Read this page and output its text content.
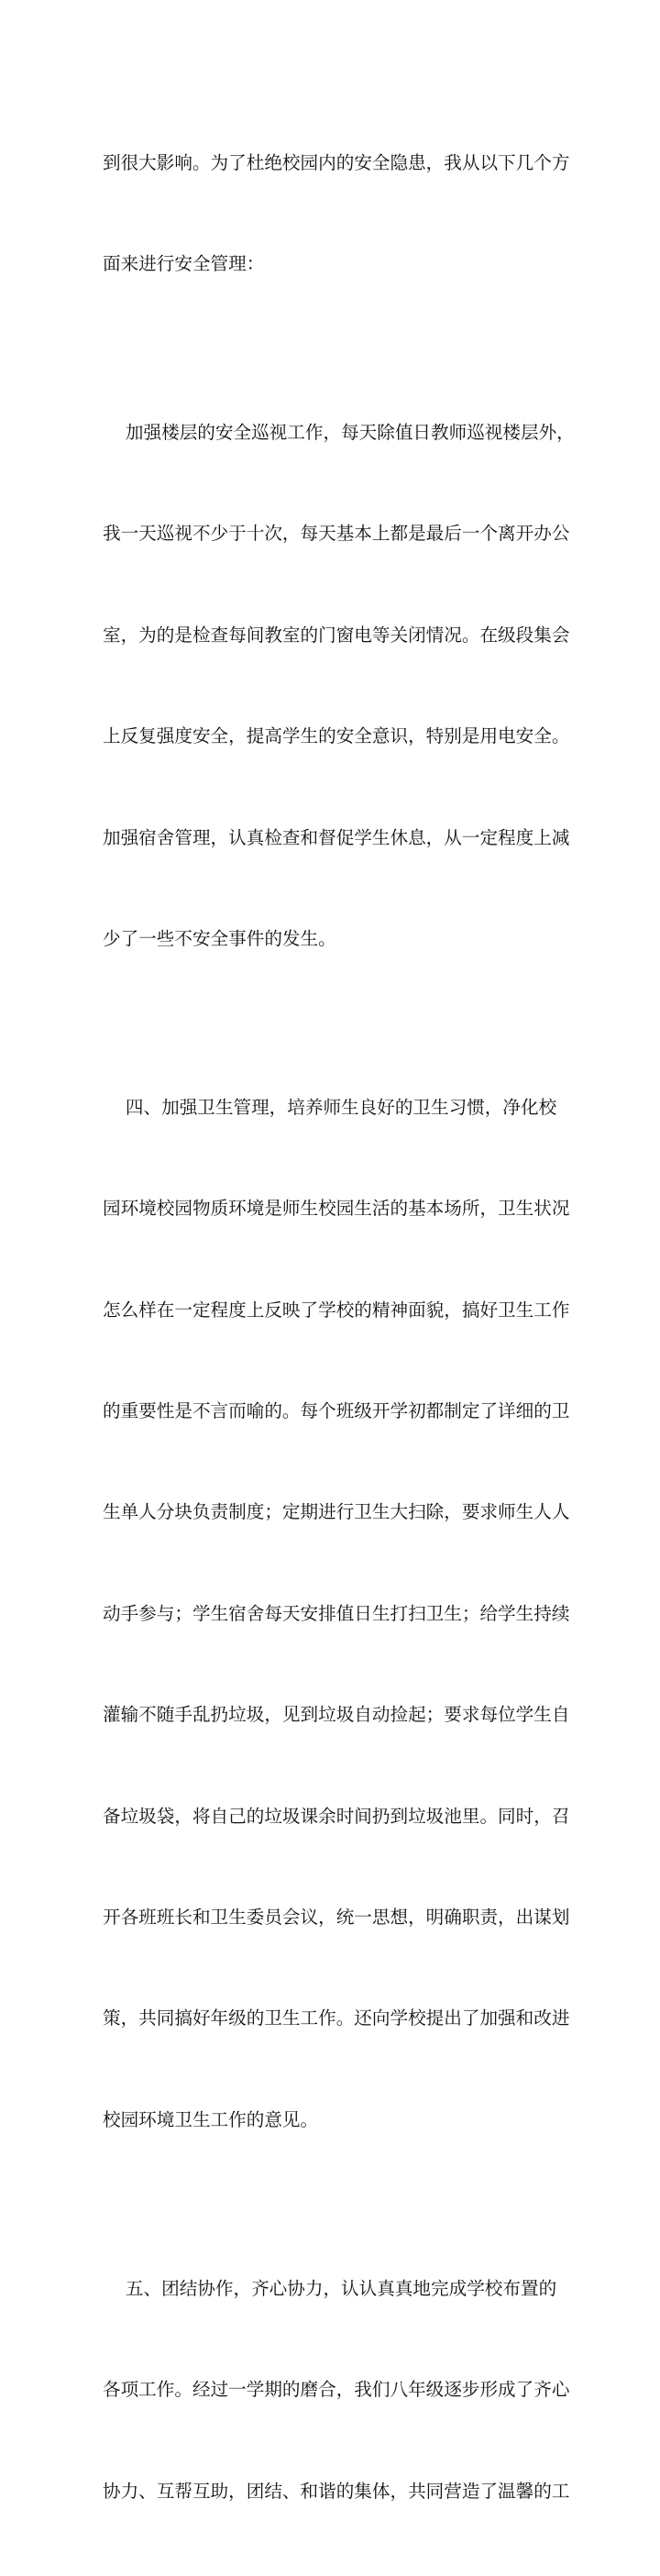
到很大影响。为了杜绝校园内的安全隐患，我从以下几个方

面来进行安全管理：

加强楼层的安全巡视工作，每天除值日教师巡视楼层外，

我一天巡视不少于十次，每天基本上都是最后一个离开办公

室，为的是检查每间教室的门窗电等关闭情况。在级段集会

上反复强度安全，提高学生的安全意识，特别是用电安全。

加强宿舍管理，认真检查和督促学生休息，从一定程度上减

少了一些不安全事件的发生。

四、加强卫生管理，培养师生良好的卫生习惯，净化校

园环境校园物质环境是师生校园生活的基本场所，卫生状况

怎么样在一定程度上反映了学校的精神面貌，搞好卫生工作

的重要性是不言而喻的。每个班级开学初都制定了详细的卫

生单人分块负责制度；定期进行卫生大扫除，要求师生人人

动手参与；学生宿舍每天安排值日生打扫卫生；给学生持续

灌输不随手乱扔垃圾，见到垃圾自动捡起；要求每位学生自

备垃圾袋，将自己的垃圾课余时间扔到垃圾池里。同时，召

开各班班长和卫生委员会议，统一思想，明确职责，出谋划

策，共同搞好年级的卫生工作。还向学校提出了加强和改进

校园环境卫生工作的意见。

五、团结协作，齐心协力，认认真真地完成学校布置的

各项工作。经过一学期的磨合，我们八年级逐步形成了齐心

协力、互帮互助，团结、和谐的集体，共同营造了温馨的工
